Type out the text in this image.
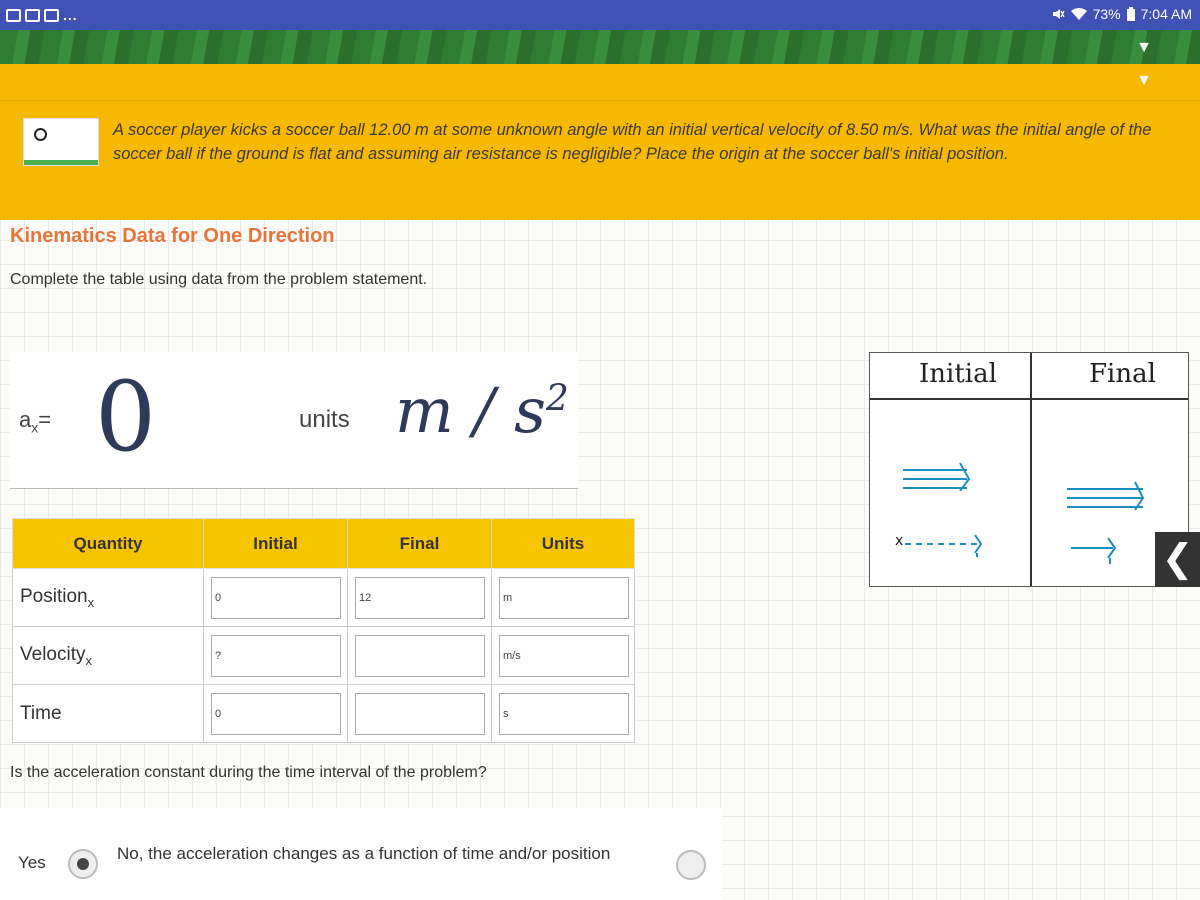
...	73% 7:04 AM
▼
▼
A soccer player kicks a soccer ball 12.00 m at some unknown angle with an initial vertical velocity of 8.50 m/s. What was the initial angle of the soccer ball if the ground is flat and assuming air resistance is negligible? Place the origin at the soccer ball's initial position.
Kinematics Data for One Direction
Complete the table using data from the problem statement.
$a_x= 0$	units m / $s^2$
Quantity	Initial	Final	Units
Position$_x$	0	12	m

Velocity$_x$	?		m/s

Time	0		s
Is the acceleration constant during the time interval of the problem?
Yes	No, the acceleration changes as a function of time and/or position
Initial	Final
x	❮
